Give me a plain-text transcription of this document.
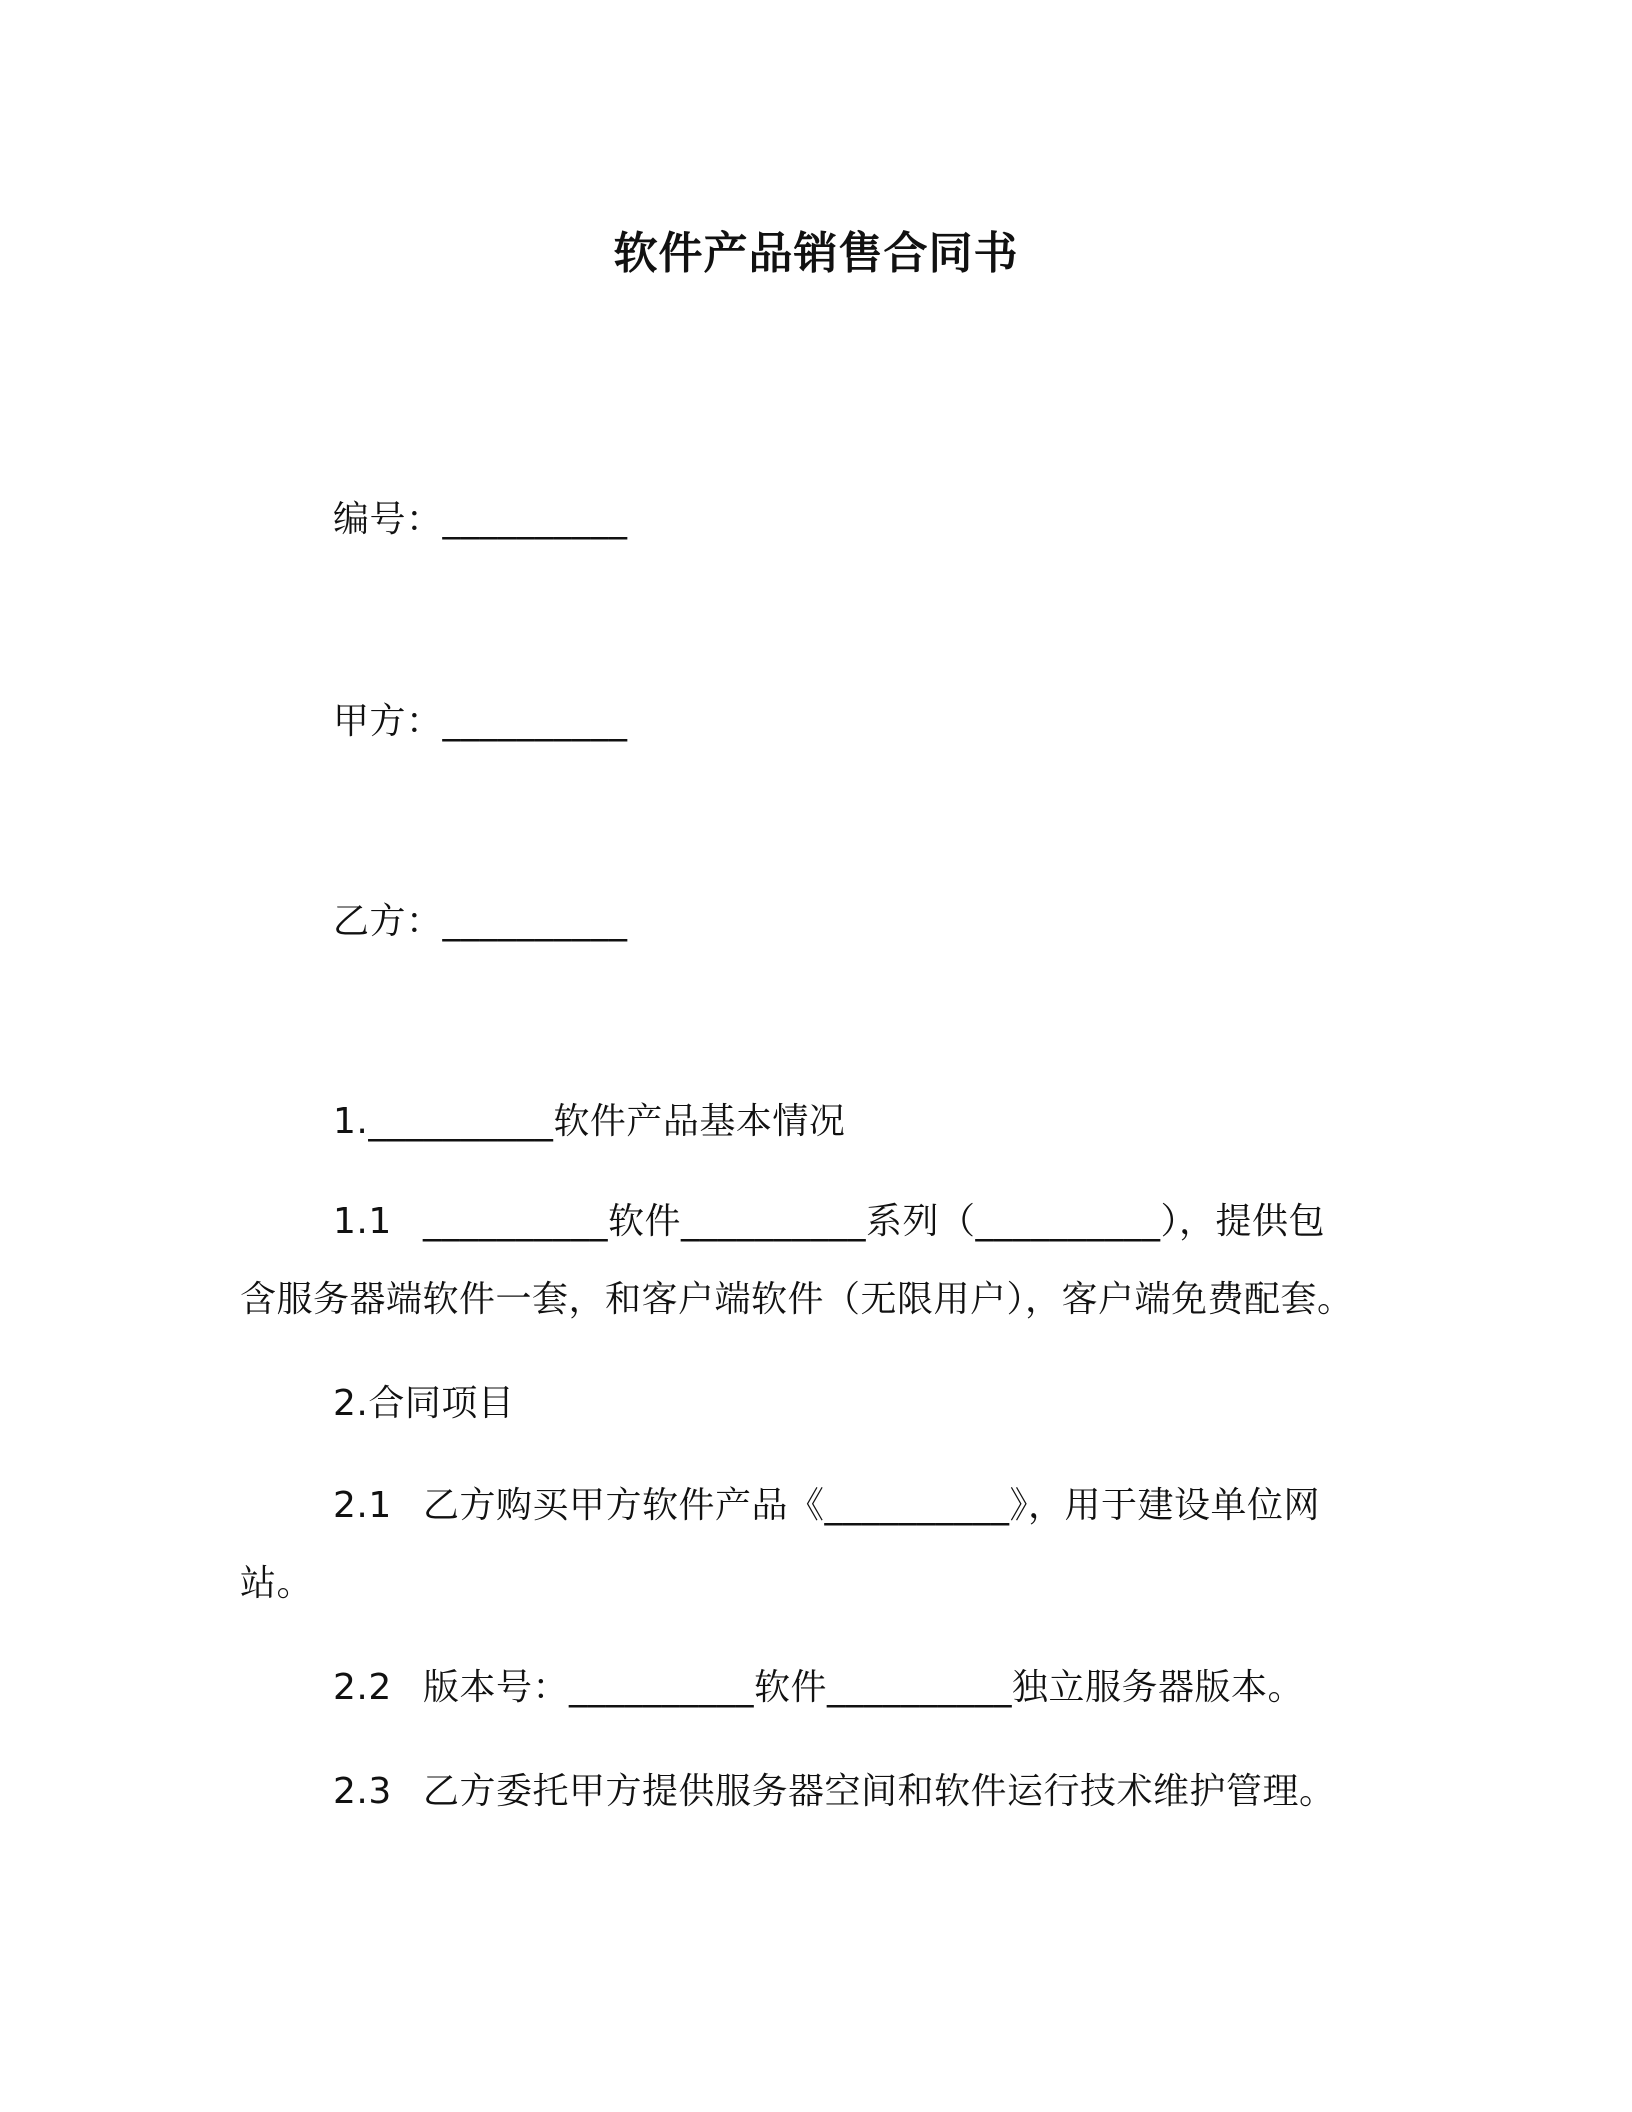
软件产品销售合同书
编号：__________
甲方：__________
乙方：__________
1.__________软件产品基本情况
1.1 __________软件__________系列（__________），提供包
含服务器端软件一套，和客户端软件（无限用户），客户端免费配套。
2.合同项目
2.1 乙方购买甲方软件产品《__________》，用于建设单位网
站。
2.2 版本号：__________软件__________独立服务器版本。
2.3 乙方委托甲方提供服务器空间和软件运行技术维护管理。
